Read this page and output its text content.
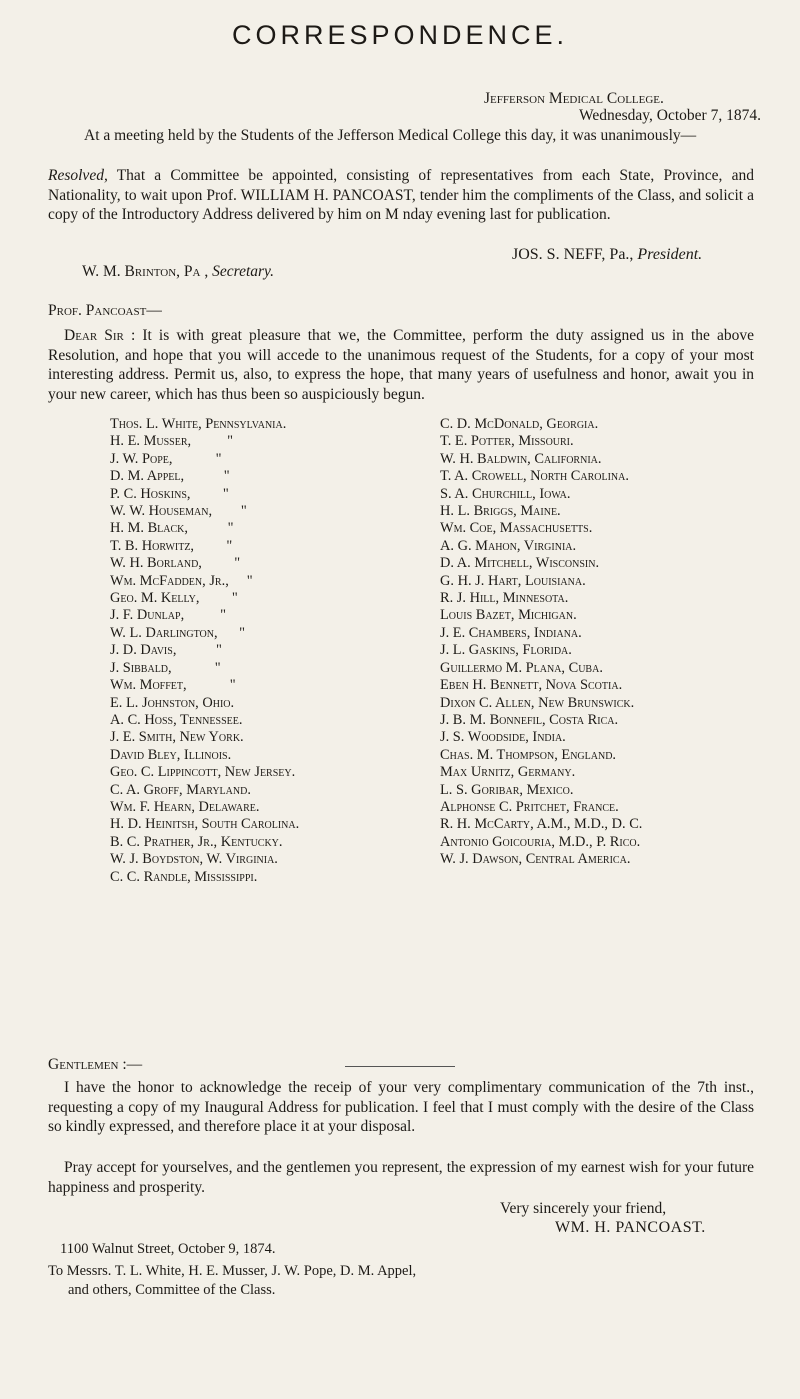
CORRESPONDENCE.
Jefferson Medical College.
Wednesday, October 7, 1874.
At a meeting held by the Students of the Jefferson Medical College this day, it was unanimously—
Resolved, That a Committee be appointed, consisting of representatives from each State, Province, and Nationality, to wait upon Prof. WILLIAM H. PANCOAST, tender him the compliments of the Class, and solicit a copy of the Introductory Address delivered by him on M nday evening last for publication.
JOS. S. NEFF, Pa., President.
W. M. Brinton, Pa , Secretary.
Prof. Pancoast—
Dear Sir : It is with great pleasure that we, the Committee, perform the duty assigned us in the above Resolution, and hope that you will accede to the unanimous request of the Students, for a copy of your most interesting address. Permit us, also, to express the hope, that many years of usefulness and honor, await you in your new career, which has thus been so auspiciously begun.
Thos. L. White, Pennsylvania.
H. E. Musser,          "
J. W. Pope,            "
D. M. Appel,           "
P. C. Hoskins,         "
W. W. Houseman,        "
H. M. Black,           "
T. B. Horwitz,         "
W. H. Borland,         "
Wm. McFadden, Jr.,     "
Geo. M. Kelly,         "
J. F. Dunlap,          "
W. L. Darlington,      "
J. D. Davis,           "
J. Sibbald,            "
Wm. Moffet,            "
E. L. Johnston, Ohio.
A. C. Hoss, Tennessee.
J. E. Smith, New York.
David Bley, Illinois.
Geo. C. Lippincott, New Jersey.
C. A. Groff, Maryland.
Wm. F. Hearn, Delaware.
H. D. Heinitsh, South Carolina.
B. C. Prather, Jr., Kentucky.
W. J. Boydston, W. Virginia.
C. C. Randle, Mississippi.
C. D. McDonald, Georgia.
T. E. Potter, Missouri.
W. H. Baldwin, California.
T. A. Crowell, North Carolina.
S. A. Churchill, Iowa.
H. L. Briggs, Maine.
Wm. Coe, Massachusetts.
A. G. Mahon, Virginia.
D. A. Mitchell, Wisconsin.
G. H. J. Hart, Louisiana.
R. J. Hill, Minnesota.
Louis Bazet, Michigan.
J. E. Chambers, Indiana.
J. L. Gaskins, Florida.
Guillermo M. Plana, Cuba.
Eben H. Bennett, Nova Scotia.
Dixon C. Allen, New Brunswick.
J. B. M. Bonnefil, Costa Rica.
J. S. Woodside, India.
Chas. M. Thompson, England.
Max Urnitz, Germany.
L. S. Goribar, Mexico.
Alphonse C. Pritchet, France.
R. H. McCarty, A.M., M.D., D. C.
Antonio Goicouria, M.D., P. Rico.
W. J. Dawson, Central America.
Gentlemen :—
I have the honor to acknowledge the receip of your very complimentary communication of the 7th inst., requesting a copy of my Inaugural Address for publication. I feel that I must comply with the desire of the Class so kindly expressed, and therefore place it at your disposal.
Pray accept for yourselves, and the gentlemen you represent, the expression of my earnest wish for your future happiness and prosperity.
Very sincerely your friend,
WM. H. PANCOAST.
1100 Walnut Street, October 9, 1874.
To Messrs. T. L. White, H. E. Musser, J. W. Pope, D. M. Appel,
and others, Committee of the Class.
